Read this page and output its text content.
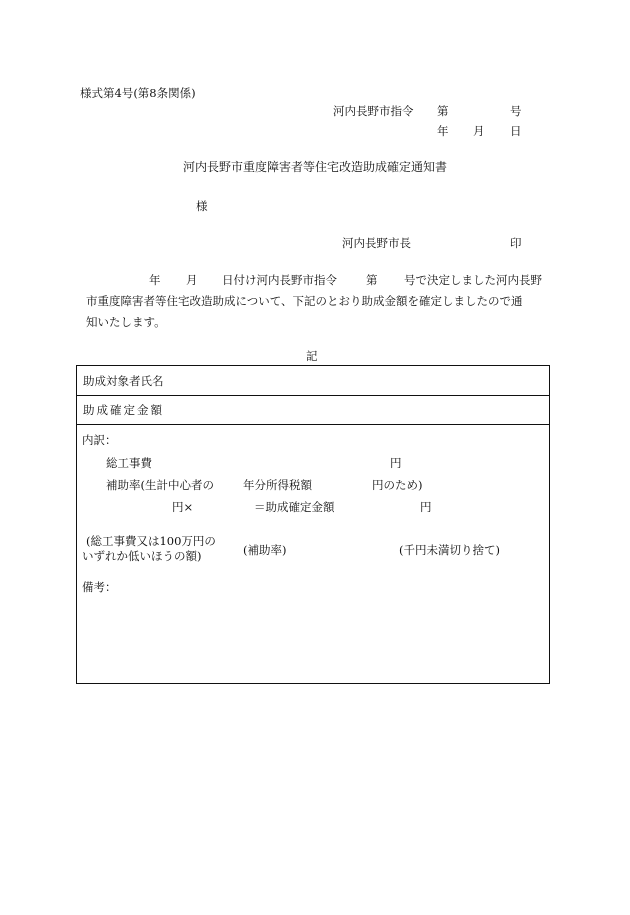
様式第4号(第8条関係)
河内長野市指令 第	号
年 月 日
河内長野市重度障害者等住宅改造助成確定通知書
様
河内長野市長	印
年 月 日付け河内長野市指令	第 号で決定しました河内長野
市重度障害者等住宅改造助成について、下記のとおり助成金額を確定しましたので通
知いたします。
記
助成対象者氏名
助成確定金額
内訳：
総工事費	円
補助率(生計中心者の	年分所得税額	円のため)
円×	＝助成確定金額	円
(総工事費又は100万円の
いずれか低いほうの額)	(補助率)	(千円未満切り捨て)
備考：
